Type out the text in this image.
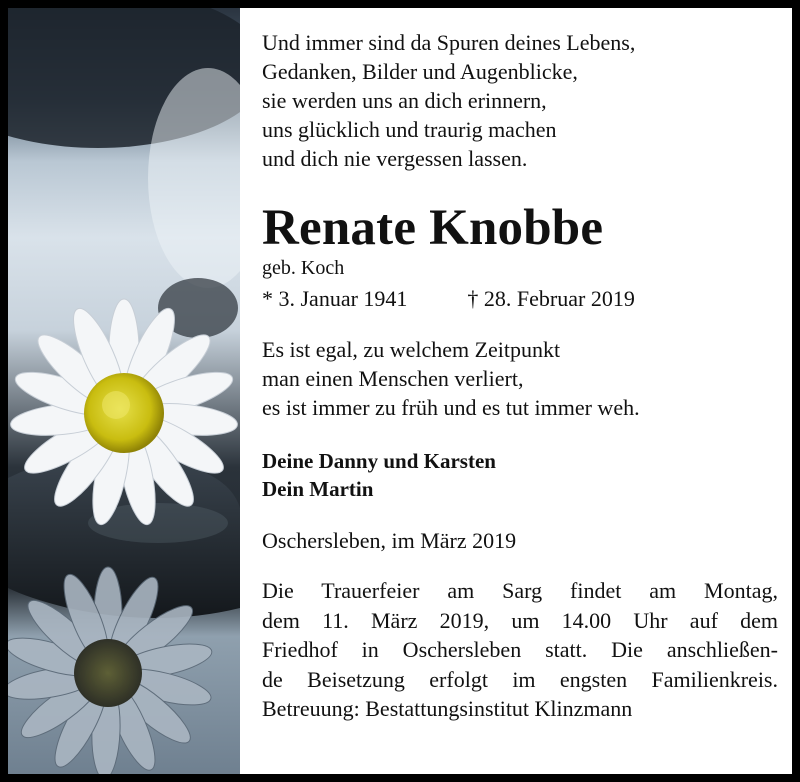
Und immer sind da Spuren deines Lebens,
Gedanken, Bilder und Augenblicke,
sie werden uns an dich erinnern,
uns glücklich und traurig machen
und dich nie vergessen lassen.

Renate Knobbe

geb. Koch

* 3. Januar 1941	† 28. Februar 2019

Es ist egal, zu welchem Zeitpunkt
man einen Menschen verliert,
es ist immer zu früh und es tut immer weh.

Deine Danny und Karsten
Dein Martin

Oschersleben, im März 2019

Die Trauerfeier am Sarg findet am Montag,
dem 11. März 2019, um 14.00 Uhr auf dem
Friedhof in Oschersleben statt. Die anschließen-
de Beisetzung erfolgt im engsten Familienkreis.
Betreuung: Bestattungsinstitut Klinzmann
